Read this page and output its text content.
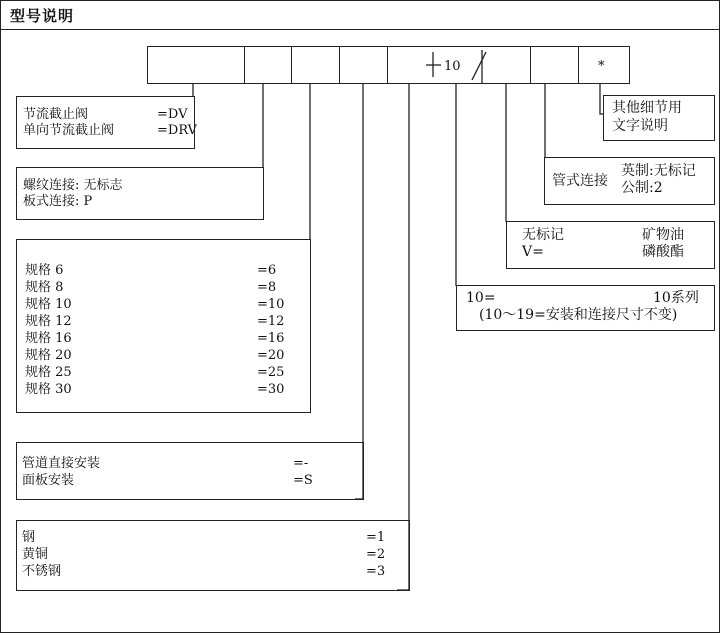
型号说明
10	*
节流截止阀	=DV
单向节流截止阀	=DRV
螺纹连接: 无标志
板式连接: P
规格 6	=6
规格 8	=8
规格 10	=10
规格 12	=12
规格 16	=16
规格 20	=20
规格 25	=25
规格 30	=30
管道直接安装	=-
面板安装	=S
钢	=1
黄铜	=2
不锈钢	=3
其他细节用
文字说明
管式连接
英制:无标记
公制:2
无标记	矿物油
V=	磷酸酯
10=	10系列
(10～19=安装和连接尺寸不变)
